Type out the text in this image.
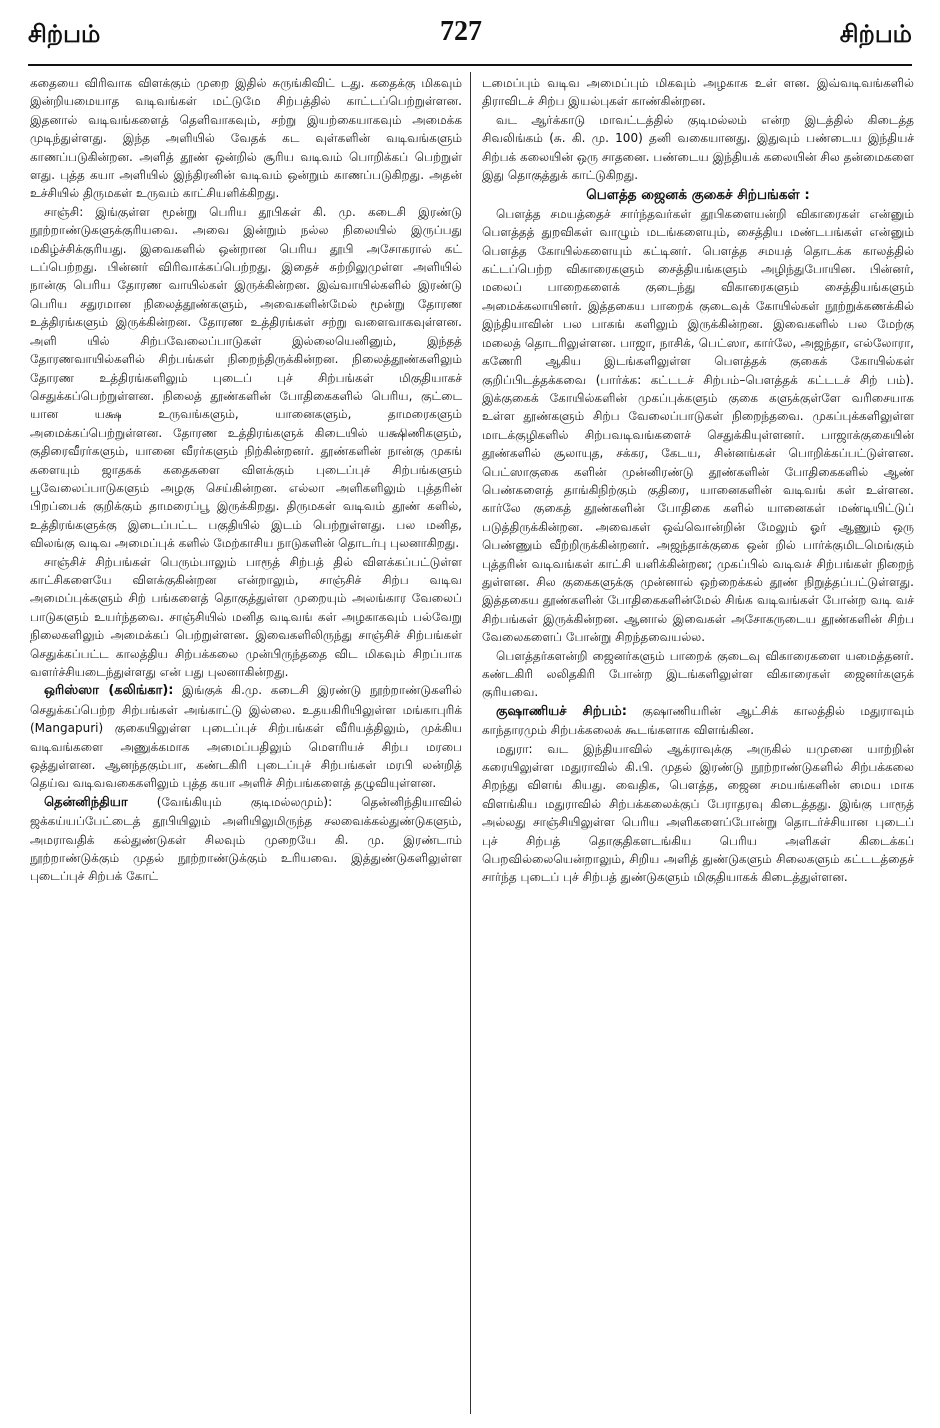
சிற்பம்	727	சிற்பம்

கதையை விரிவாக விளக்கும் முறை இதில் சுருங்கிவிட் டது. கதைக்கு மிகவும் இன்றியமையாத வடிவங்கள் மட்டுமே சிற்பத்தில் காட்டப்பெற்றுள்ளன. இதனால் வடிவங்களைத் தெளிவாகவும், சற்று இயற்கையாகவும் அமைக்க முடிந்துள்ளது. இந்த அளியில் வேதக் கட வுள்களின் வடிவங்களும் காணப்படுகின்றன. அளித் தூண் ஒன்றில் சூரிய வடிவம் பொறிக்கப் பெற்றுள் ளது. புத்த கயா அளியில் இந்திரனின் வடிவம் ஒன்றும் காணப்படுகிறது. அதன் உச்சியில் திருமகள் உருவம் காட்சியளிக்கிறது.

சாஞ்சி: இங்குள்ள மூன்று பெரிய தூபிகள் கி. மு. கடைசி இரண்டு நூற்றாண்டுகளுக்குரியவை. அவை இன்றும் நல்ல நிலையில் இருப்பது மகிழ்ச்சிக்குரியது. இவைகளில் ஒன்றான பெரிய தூபி அசோகரால் கட் டப்பெற்றது. பின்னர் விரிவாக்கப்பெற்றது. இதைச் சுற்றிலுமுள்ள அளியில் நான்கு பெரிய தோரண வாயில்கள் இருக்கின்றன. இவ்வாயில்களில் இரண்டு பெரிய சதுரமான நிலைத்தூண்களும், அவைகளின்மேல் மூன்று தோரண உத்திரங்களும் இருக்கின்றன. தோரண உத்திரங்கள் சற்று வளைவாகவுள்ளன. அளி யில் சிற்பவேலைப்பாடுகள் இல்லையெனினும், இந்தத் தோரணவாயில்களில் சிற்பங்கள் நிறைந்திருக்கின்றன. நிலைத்தூண்களிலும் தோரண உத்திரங்களிலும் புடைப் புச் சிற்பங்கள் மிகுதியாகச் செதுக்கப்பெற்றுள்ளன. நிலைத் தூண்களின் போதிகைகளில் பெரிய, குட்டை யான யக்ஷ உருவங்களும், யானைகளும், தாமரைகளும் அமைக்கப்பெற்றுள்ளன. தோரண உத்திரங்களுக் கிடையில் யக்ஷிணிகளும், குதிரைவீரர்களும், யானை வீரர்களும் நிற்கின்றனர். தூண்களின் நான்கு முகங் களையும் ஜாதகக் கதைகளை விளக்கும் புடைப்புச் சிற்பங்களும் பூவேலைப்பாடுகளும் அழகு செய்கின்றன. எல்லா அளிகளிலும் புத்தரின் பிறப்பைக் குறிக்கும் தாமரைப்பூ இருக்கிறது. திருமகள் வடிவம் தூண் களில், உத்திரங்களுக்கு இடைப்பட்ட பகுதியில் இடம் பெற்றுள்ளது. பல மனித, விலங்கு வடிவ அமைப்புக் களில் மேற்காசிய நாடுகளின் தொடர்பு புலனாகிறது.

சாஞ்சிச் சிற்பங்கள் பெரும்பாலும் பாரூத் சிற்பத் தில் விளக்கப்பட்டுள்ள காட்சிகளையே விளக்குகின்றன என்றாலும், சாஞ்சிச் சிற்ப வடிவ அமைப்புக்களும் சிற் பங்களைத் தொகுத்துள்ள முறையும் அலங்கார வேலைப் பாடுகளும் உயர்ந்தவை. சாஞ்சியில் மனித வடிவங் கள் அழகாகவும் பல்வேறு நிலைகளிலும் அமைக்கப் பெற்றுள்ளன. இவைகளிலிருந்து சாஞ்சிச் சிற்பங்கள் செதுக்கப்பட்ட காலத்திய சிற்பக்கலை முன்பிருந்ததை விட மிகவும் சிறப்பாக வளர்ச்சியடைந்துள்ளது என் பது புலனாகின்றது.

ஒரிஸ்ஸா (கலிங்கா): இங்குக் கி.மு. கடைசி இரண்டு நூற்றாண்டுகளில் செதுக்கப்பெற்ற சிற்பங்கள் அங்காட்டு இல்லை. உதயகிரியிலுள்ள மங்காபுரிக் (Mangapuri) குகையிலுள்ள புடைப்புச் சிற்பங்கள் வீரியத்திலும், முக்கிய வடிவங்களை அணுக்கமாக அமைப்பதிலும் மௌரியச் சிற்ப மரபை ஒத்துள்ளன. ஆனந்தகும்பா, கண்டகிரி புடைப்புச் சிற்பங்கள் மரபி லன்றித் தெய்வ வடிவவகைகளிலும் புத்த கயா அளிச் சிற்பங்களைத் தழுவியுள்ளன.

தென்னிந்தியா (வேங்கியும் குடிமல்லமும்): தென்னிந்தியாவில் ஜக்கய்யப்பேட்டைத் தூபியிலும் அளியிலுமிருந்த சலவைக்கல்துண்டுகளும், அமராவதிக் கல்துண்டுகள் சிலவும் முறையே கி. மு. இரண்டாம் நூற்றாண்டுக்கும் முதல் நூற்றாண்டுக்கும் உரியவை. இத்துண்டுகளிலுள்ள புடைப்புச் சிற்பக் கோட்

டமைப்பும் வடிவ அமைப்பும் மிகவும் அழகாக உள் ளன. இவ்வடிவங்களில் திராவிடச் சிற்ப இயல்புகள் காண்கின்றன.

வட ஆர்க்காடு மாவட்டத்தில் குடிமல்லம் என்ற இடத்தில் கிடைத்த சிவலிங்கம் (சு. கி. மு. 100) தனி வகையானது. இதுவும் பண்டைய இந்தியச் சிற்பக் கலையின் ஒரு சாதனை. பண்டைய இந்தியக் கலையின் சில தன்மைகளை இது தொகுத்துக் காட்டுகிறது.

பௌத்த ஜைனக் குகைச் சிற்பங்கள் :

பௌத்த சமயத்தைச் சார்ந்தவர்கள் தூபிகளையன்றி விகாரைகள் என்னும் பௌத்தத் துறவிகள் வாழும் மடங்களையும், சைத்திய மண்டபங்கள் என்னும் பௌத்த கோயில்களையும் கட்டினர். பௌத்த சமயத் தொடக்க காலத்தில் கட்டப்பெற்ற விகாரைகளும் சைத்தியங்களும் அழிந்துபோயின. பின்னர், மலைப் பாறைகளைக் குடைந்து விகாரைகளும் சைத்தியங்களும் அமைக்கலாயினர். இத்தகைய பாறைக் குடைவுக் கோயில்கள் நூற்றுக்கணக்கில் இந்தியாவின் பல பாகங் களிலும் இருக்கின்றன. இவைகளில் பல மேற்கு மலைத் தொடரிலுள்ளன. பாஜா, நாசிக், பெட்ஸா, கார்லே, அஜந்தா, எல்லோரா, கணேரி ஆகிய இடங்களிலுள்ள பௌத்தக் குகைக் கோயில்கள் குறிப்பிடத்தக்கவை (பார்க்க: கட்டடச் சிற்பம்–பௌத்தக் கட்டடச் சிற் பம்). இக்குகைக் கோயில்களின் முகப்புக்களும் குகை களுக்குள்ளே வரிசையாக உள்ள தூண்களும் சிற்ப வேலைப்பாடுகள் நிறைந்தவை. முகப்புக்களிலுள்ள மாடக்குழிகளில் சிற்பவடிவங்களைச் செதுக்கியுள்ளனர். பாஜாக்குகையின் தூண்களில் சூலாயுத, சக்கர, கேடய, சின்னங்கள் பொறிக்கப்பட்டுள்ளன. பெட்ஸாகுகை களின் முன்னிரண்டு தூண்களின் போதிகைகளில் ஆண் பெண்களைத் தாங்கிநிற்கும் குதிரை, யானைகளின் வடிவங் கள் உள்ளன. கார்லே குகைத் தூண்களின் போதிகை களில் யானைகள் மண்டியிட்டுப் படுத்திருக்கின்றன. அவைகள் ஒவ்வொன்றின் மேலும் ஓர் ஆணும் ஒரு பெண்ணும் வீற்றிருக்கின்றனர். அஜந்தாக்குகை ஒன் றில் பார்க்குமிடமெங்கும் புத்தரின் வடிவங்கள் காட்சி யளிக்கின்றன; முகப்பில் வடிவச் சிற்பங்கள் நிறைந் துள்ளன. சில குகைகளுக்கு முன்னால் ஒற்றைக்கல் தூண் நிறுத்தப்பட்டுள்ளது. இத்தகைய தூண்களின் போதிகைகளின்மேல் சிங்க வடிவங்கள் போன்ற வடி வச் சிற்பங்கள் இருக்கின்றன. ஆனால் இவைகள் அசோகருடைய தூண்களின் சிற்ப வேலைகளைப் போன்று சிறந்தவையல்ல.

பௌத்தர்களன்றி ஜைனர்களும் பாறைக் குடைவு விகாரைகளை யமைத்தனர். கண்டகிரி லலிதகிரி போன்ற இடங்களிலுள்ள விகாரைகள் ஜைனர்களுக் குரியவை.

குஷாணியச் சிற்பம்: குஷாணியரின் ஆட்சிக் காலத்தில் மதுராவும் காந்தாரமும் சிற்பக்கலைக் கூடங்களாக விளங்கின.

மதுரா: வட இந்தியாவில் ஆக்ராவுக்கு அருகில் யமுனை யாற்றின் கரையிலுள்ள மதுராவில் கி.பி. முதல் இரண்டு நூற்றாண்டுகளில் சிற்பக்கலை சிறந்து விளங் கியது. வைதிக, பௌத்த, ஜைன சமயங்களின் மைய மாக விளங்கிய மதுராவில் சிற்பக்கலைக்குப் பேராதரவு கிடைத்தது. இங்கு பாரூத் அல்லது சாஞ்சியிலுள்ள பெரிய அளிகளைப்போன்று தொடர்ச்சியான புடைப் புச் சிற்பத் தொகுதிகளடங்கிய பெரிய அளிகள் கிடைக்கப் பெறவில்லையென்றாலும், சிறிய அளித் துண்டுகளும் சிலைகளும் கட்டடத்தைச் சார்ந்த புடைப் புச் சிற்பத் துண்டுகளும் மிகுதியாகக் கிடைத்துள்ளன.
